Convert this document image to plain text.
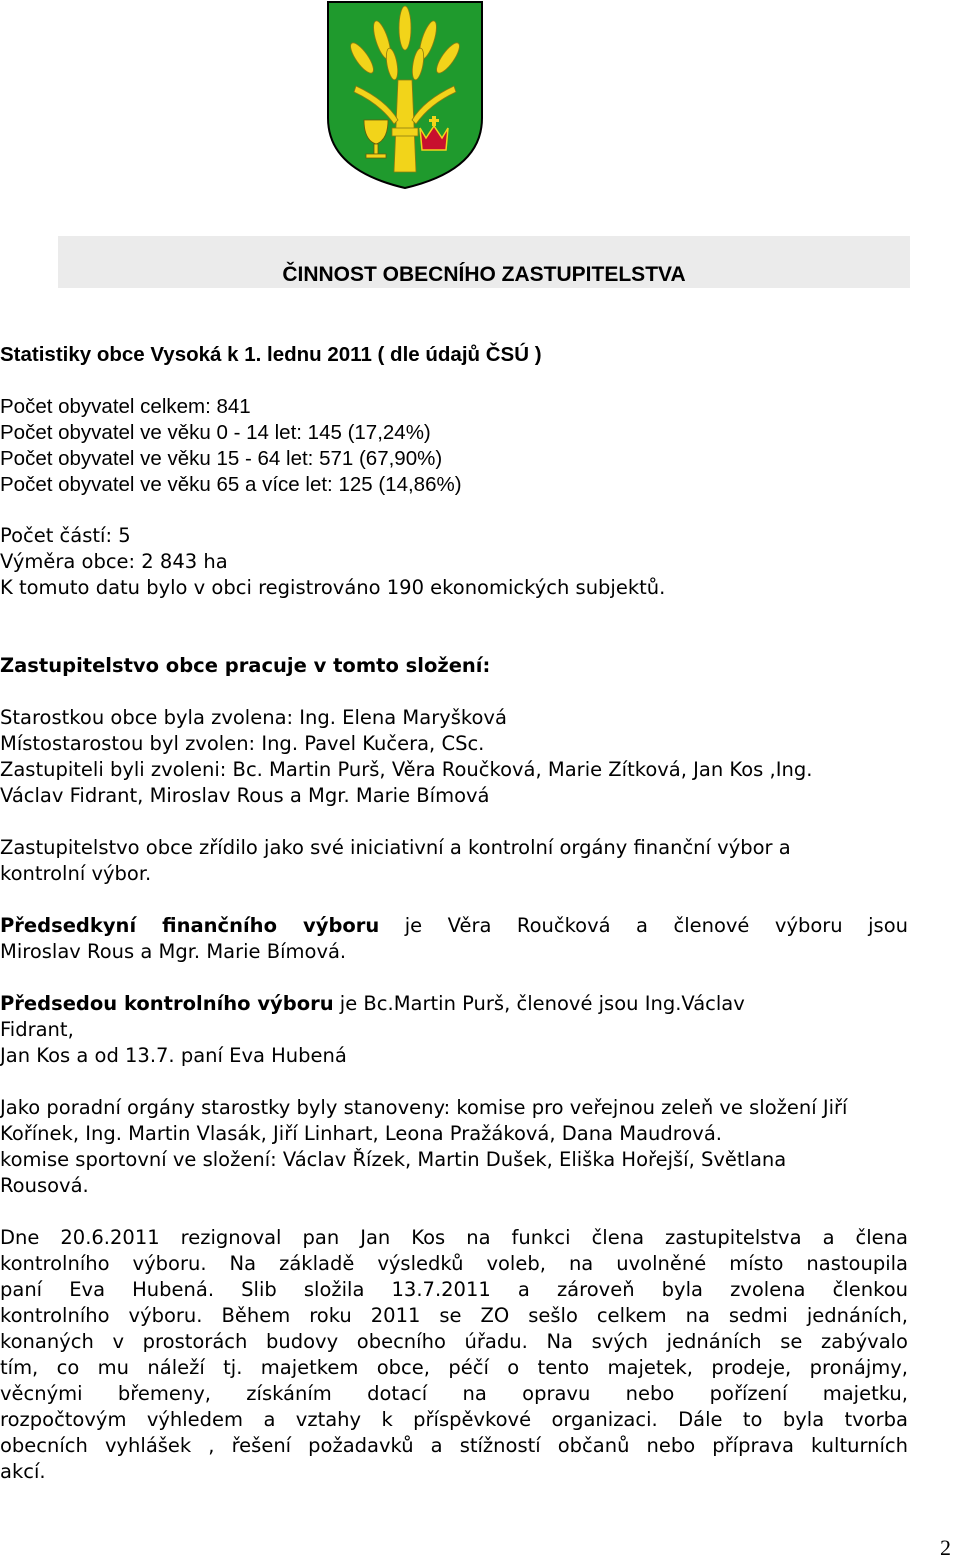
ČINNOST OBECNÍHO ZASTUPITELSTVA
Statistiky obce Vysoká k 1. lednu 2011 ( dle údajů ČSÚ )
Počet obyvatel celkem: 841
Počet obyvatel ve věku 0 - 14 let: 145 (17,24%)
Počet obyvatel ve věku 15 - 64 let: 571 (67,90%)
Počet obyvatel ve věku 65 a více let: 125 (14,86%)
Počet částí: 5
Výměra obce: 2 843 ha
K tomuto datu bylo v obci registrováno 190 ekonomických subjektů.
Zastupitelstvo obce pracuje v tomto složení:
Starostkou obce byla zvolena: Ing. Elena Maryšková
Místostarostou byl zvolen: Ing. Pavel Kučera, CSc.
Zastupiteli byli zvoleni: Bc. Martin Purš, Věra Roučková, Marie Zítková, Jan Kos ,Ing.
Václav Fidrant, Miroslav Rous a Mgr. Marie Bímová
Zastupitelstvo obce zřídilo jako své iniciativní a kontrolní orgány finanční výbor a
kontrolní výbor.
Předsedkyní finančního výboru je Věra Roučková a členové výboru jsou
Miroslav Rous a Mgr. Marie Bímová.
Předsedou kontrolního výboru je Bc.Martin Purš, členové jsou Ing.Václav
Fidrant,
Jan Kos a od 13.7. paní Eva Hubená
Jako poradní orgány starostky byly stanoveny: komise pro veřejnou zeleň ve složení Jiří
Kořínek, Ing. Martin Vlasák, Jiří Linhart, Leona Pražáková, Dana Maudrová.
komise sportovní ve složení: Václav Řízek, Martin Dušek, Eliška Hořejší, Světlana
Rousová.
Dne 20.6.2011 rezignoval pan Jan Kos na funkci člena zastupitelstva a člena
kontrolního výboru. Na základě výsledků voleb, na uvolněné místo nastoupila
paní Eva Hubená. Slib složila 13.7.2011 a zároveň byla zvolena členkou
kontrolního výboru. Během roku 2011 se ZO sešlo celkem na sedmi jednáních,
konaných v prostorách budovy obecního úřadu. Na svých jednáních se zabývalo
tím, co mu náleží tj. majetkem obce, péčí o tento majetek, prodeje, pronájmy,
věcnými břemeny, získáním dotací na opravu nebo pořízení majetku,
rozpočtovým výhledem a vztahy k příspěvkové organizaci. Dále to byla tvorba
obecních vyhlášek , řešení požadavků a stížností občanů nebo příprava kulturních
akcí.
2
